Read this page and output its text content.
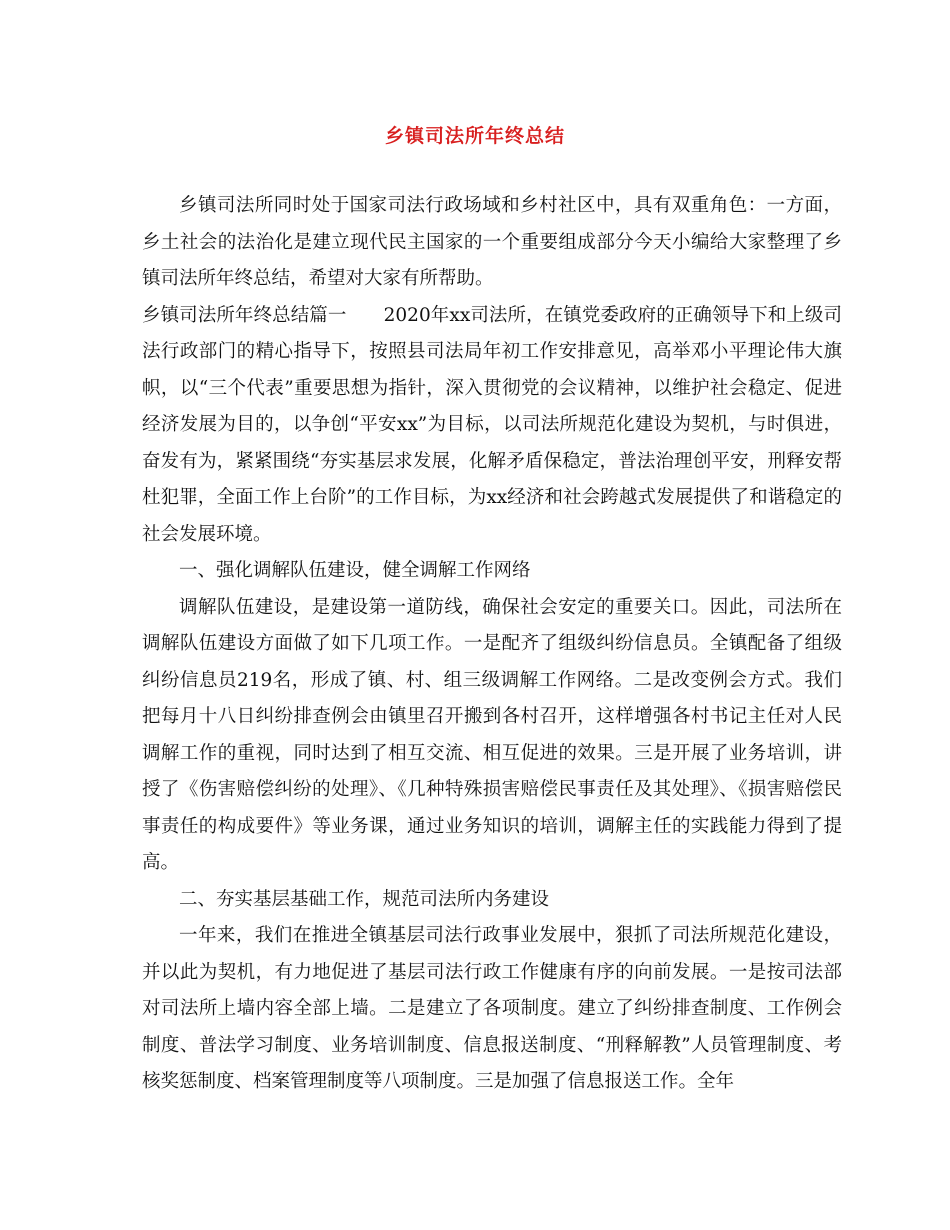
乡镇司法所年终总结

乡镇司法所同时处于国家司法行政场域和乡村社区中，具有双重角色：一方面，乡土社会的法治化是建立现代民主国家的一个重要组成部分今天小编给大家整理了乡镇司法所年终总结，希望对大家有所帮助。

乡镇司法所年终总结篇一　　2020年xx司法所，在镇党委政府的正确领导下和上级司法行政部门的精心指导下，按照县司法局年初工作安排意见，高举邓小平理论伟大旗帜，以“三个代表”重要思想为指针，深入贯彻党的会议精神，以维护社会稳定、促进经济发展为目的，以争创“平安xx”为目标，以司法所规范化建设为契机，与时俱进，奋发有为，紧紧围绕“夯实基层求发展，化解矛盾保稳定，普法治理创平安，刑释安帮杜犯罪，全面工作上台阶”的工作目标，为xx经济和社会跨越式发展提供了和谐稳定的社会发展环境。

一、强化调解队伍建设，健全调解工作网络

调解队伍建设，是建设第一道防线，确保社会安定的重要关口。因此，司法所在调解队伍建设方面做了如下几项工作。一是配齐了组级纠纷信息员。全镇配备了组级纠纷信息员219名，形成了镇、村、组三级调解工作网络。二是改变例会方式。我们把每月十八日纠纷排查例会由镇里召开搬到各村召开，这样增强各村书记主任对人民调解工作的重视，同时达到了相互交流、相互促进的效果。三是开展了业务培训，讲授了《伤害赔偿纠纷的处理》、《几种特殊损害赔偿民事责任及其处理》、《损害赔偿民事责任的构成要件》等业务课，通过业务知识的培训，调解主任的实践能力得到了提高。

二、夯实基层基础工作，规范司法所内务建设

一年来，我们在推进全镇基层司法行政事业发展中，狠抓了司法所规范化建设，并以此为契机，有力地促进了基层司法行政工作健康有序的向前发展。一是按司法部对司法所上墙内容全部上墙。二是建立了各项制度。建立了纠纷排查制度、工作例会制度、普法学习制度、业务培训制度、信息报送制度、“刑释解教”人员管理制度、考核奖惩制度、档案管理制度等八项制度。三是加强了信息报送工作。全年
